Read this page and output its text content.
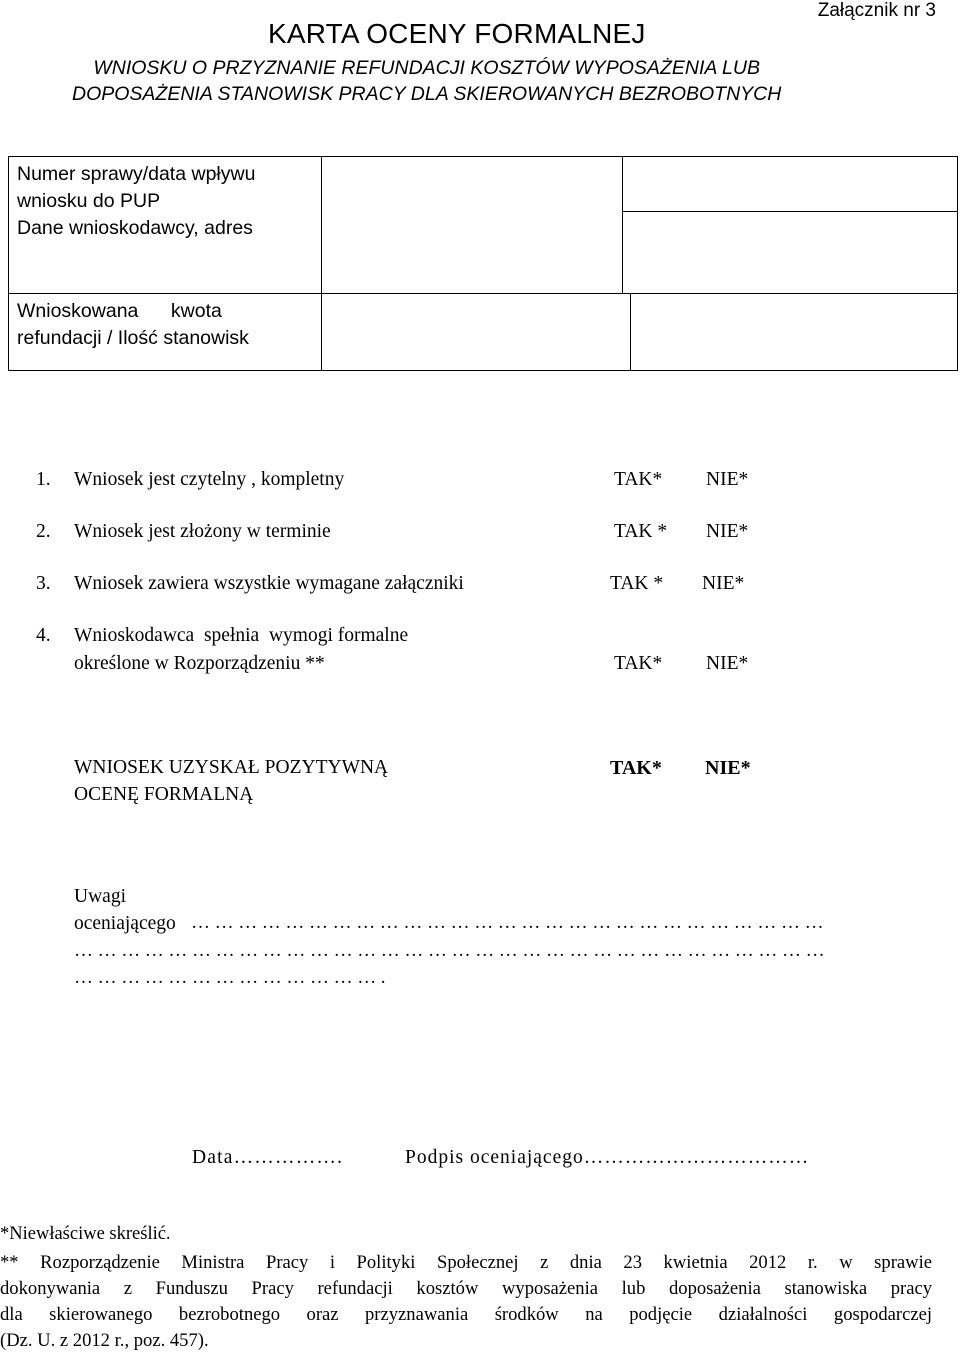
Załącznik nr 3
KARTA OCENY FORMALNEJ
WNIOSKU O PRZYZNANIE REFUNDACJI KOSZTÓW WYPOSAŻENIA LUB
DOPOSAŻENIA STANOWISK PRACY DLA SKIEROWANYCH BEZROBOTNYCH
Numer sprawy/data wpływu
wniosku do PUP
Dane wnioskodawcy, adres	

Wnioskowana      kwota
refundacji / Ilość stanowisk	

1. Wniosek jest czytelny , kompletny	TAK* NIE*
2. Wniosek jest złożony w terminie	TAK * NIE*
3. Wniosek zawiera wszystkie wymagane załączniki	TAK * NIE*
4. Wnioskodawca  spełnia  wymogi formalne
określone w Rozporządzeniu **	TAK* NIE*
WNIOSEK UZYSKAŁ POZYTYWNĄ
OCENĘ FORMALNĄ
TAK* NIE*
Uwagi
oceniającego ………………………………………………………………………
……………………………………………………………………………………
………………………………….
Data…………….	Podpis oceniającego……………………………
*Niewłaściwe skreślić.
** Rozporządzenie Ministra Pracy i Polityki Społecznej z dnia 23 kwietnia 2012 r. w sprawie
dokonywania z Funduszu Pracy refundacji kosztów wyposażenia lub doposażenia stanowiska pracy
dla skierowanego bezrobotnego oraz przyznawania środków na podjęcie działalności gospodarczej
(Dz. U. z 2012 r., poz. 457).
